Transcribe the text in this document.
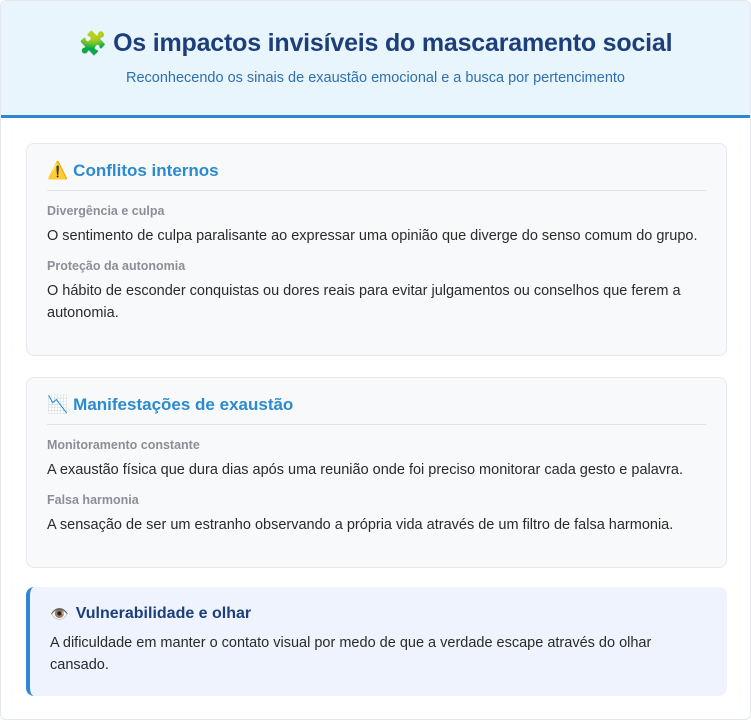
🧩 Os impactos invisíveis do mascaramento social
Reconhecendo os sinais de exaustão emocional e a busca por pertencimento
⚠️ Conflitos internos
Divergência e culpa
O sentimento de culpa paralisante ao expressar uma opinião que diverge do senso comum do grupo.
Proteção da autonomia
O hábito de esconder conquistas ou dores reais para evitar julgamentos ou conselhos que ferem a autonomia.
📉 Manifestações de exaustão
Monitoramento constante
A exaustão física que dura dias após uma reunião onde foi preciso monitorar cada gesto e palavra.
Falsa harmonia
A sensação de ser um estranho observando a própria vida através de um filtro de falsa harmonia.
👁️ Vulnerabilidade e olhar
A dificuldade em manter o contato visual por medo de que a verdade escape através do olhar cansado.
